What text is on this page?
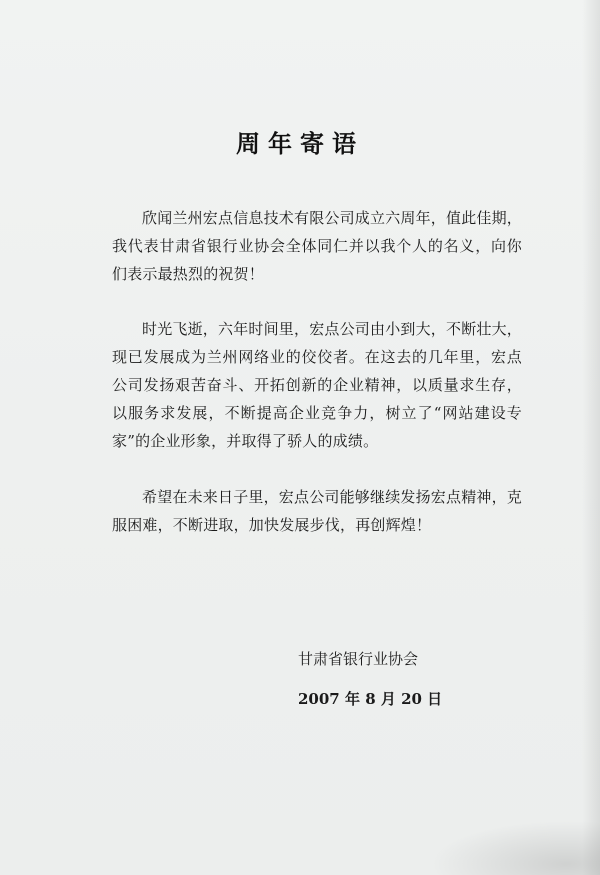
周年寄语
欣闻兰州宏点信息技术有限公司成立六周年，值此佳期，我代表甘肃省银行业协会全体同仁并以我个人的名义，向你们表示最热烈的祝贺！
时光飞逝，六年时间里，宏点公司由小到大，不断壮大，现已发展成为兰州网络业的佼佼者。在这去的几年里，宏点公司发扬艰苦奋斗、开拓创新的企业精神，以质量求生存，以服务求发展，不断提高企业竞争力，树立了“网站建设专家”的企业形象，并取得了骄人的成绩。
希望在未来日子里，宏点公司能够继续发扬宏点精神，克服困难，不断进取，加快发展步伐，再创辉煌！
甘肃省银行业协会
2007 年 8 月 20 日
